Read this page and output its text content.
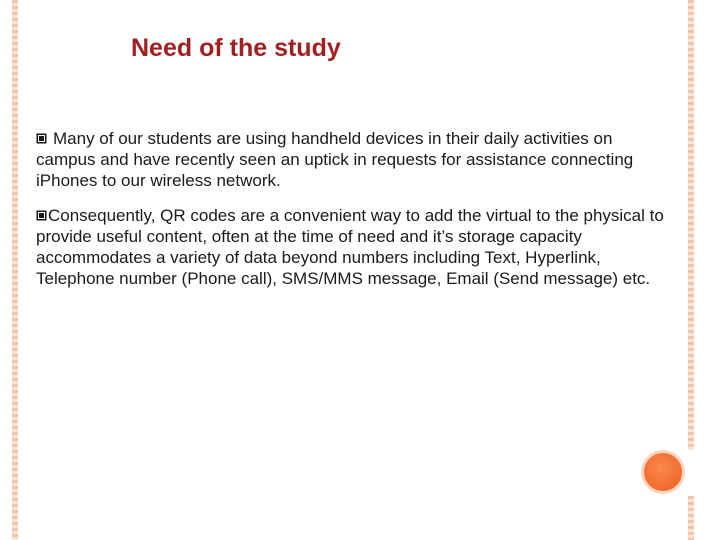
Need of the study

Many of our students are using handheld devices in their daily activities on campus and have recently seen an uptick in requests for assistance connecting iPhones to our wireless network.

Consequently, QR codes are a convenient way to add the virtual to the physical to provide useful content, often at the time of need and it’s storage capacity accommodates a variety of data beyond numbers including Text, Hyperlink, Telephone number (Phone call), SMS/MMS message, Email (Send message) etc.
